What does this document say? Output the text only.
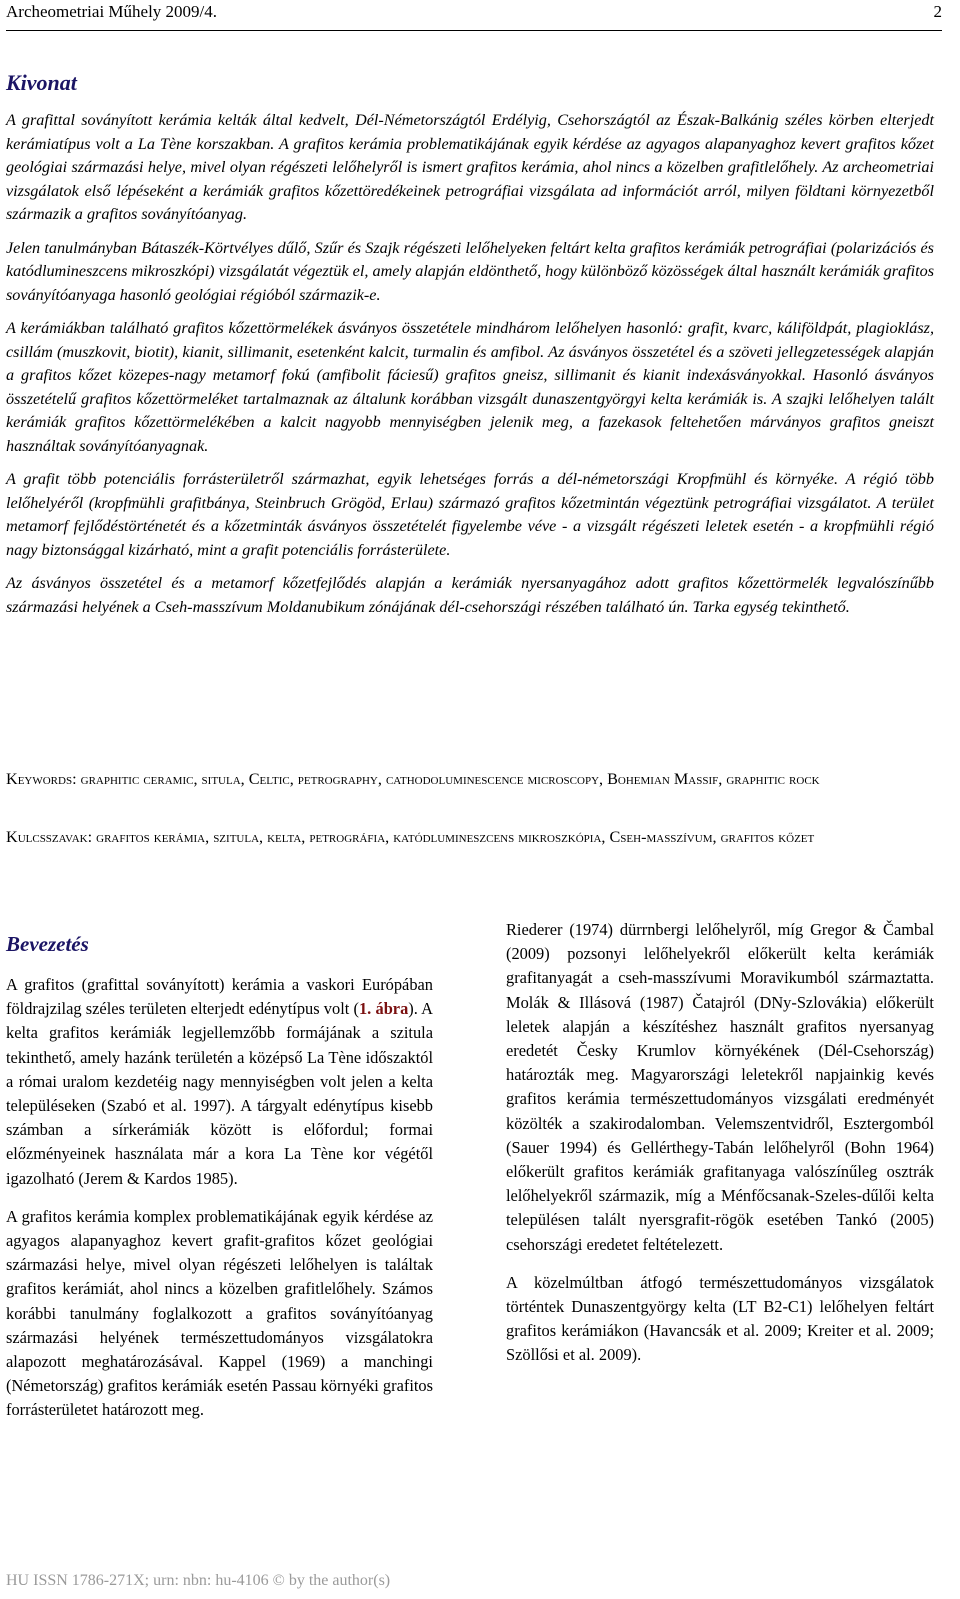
Archeometriai Műhely 2009/4.	2
Kivonat

A grafittal soványított kerámia kelták által kedvelt, Dél-Németországtól Erdélyig, Csehországtól az Észak-Balkánig széles körben elterjedt kerámiatípus volt a La Tène korszakban. A grafitos kerámia problematikájának egyik kérdése az agyagos alapanyaghoz kevert grafitos kőzet geológiai származási helye, mivel olyan régészeti lelőhelyről is ismert grafitos kerámia, ahol nincs a közelben grafitlelőhely. Az archeometriai vizsgálatok első lépéseként a kerámiák grafitos kőzettöredékeinek petrográfiai vizsgálata ad információt arról, milyen földtani környezetből származik a grafitos soványítóanyag.

Jelen tanulmányban Bátaszék-Körtvélyes dűlő, Szűr és Szajk régészeti lelőhelyeken feltárt kelta grafitos kerámiák petrográfiai (polarizációs és katódlumineszcens mikroszkópi) vizsgálatát végeztük el, amely alapján eldönthető, hogy különböző közösségek által használt kerámiák grafitos soványítóanyaga hasonló geológiai régióból származik-e.

A kerámiákban található grafitos kőzettörmelékek ásványos összetétele mindhárom lelőhelyen hasonló: grafit, kvarc, káliföldpát, plagioklász, csillám (muszkovit, biotit), kianit, sillimanit, esetenként kalcit, turmalin és amfibol. Az ásványos összetétel és a szöveti jellegzetességek alapján a grafitos kőzet közepes-nagy metamorf fokú (amfibolit fáciesű) grafitos gneisz, sillimanit és kianit indexásványokkal. Hasonló ásványos összetételű grafitos kőzettörmeléket tartalmaznak az általunk korábban vizsgált dunaszentgyörgyi kelta kerámiák is. A szajki lelőhelyen talált kerámiák grafitos kőzettörmelékében a kalcit nagyobb mennyiségben jelenik meg, a fazekasok feltehetően márványos grafitos gneiszt használtak soványítóanyagnak.

A grafit több potenciális forrásterületről származhat, egyik lehetséges forrás a dél-németországi Kropfmühl és környéke. A régió több lelőhelyéről (kropfmühli grafitbánya, Steinbruch Grögöd, Erlau) származó grafitos kőzetmintán végeztünk petrográfiai vizsgálatot. A terület metamorf fejlődéstörténetét és a kőzetminták ásványos összetételét figyelembe véve - a vizsgált régészeti leletek esetén - a kropfmühli régió nagy biztonsággal kizárható, mint a grafit potenciális forrásterülete.

Az ásványos összetétel és a metamorf kőzetfejlődés alapján a kerámiák nyersanyagához adott grafitos kőzettörmelék legvalószínűbb származási helyének a Cseh-masszívum Moldanubikum zónájának dél-csehországi részében található ún. Tarka egység tekinthető.

Keywords: graphitic ceramic, situla, Celtic, petrography, cathodoluminescence microscopy, Bohemian Massif, graphitic rock

Kulcsszavak: grafitos kerámia, szitula, kelta, petrográfia, katódlumineszcens mikroszkópia, Cseh-masszívum, grafitos kőzet

Bevezetés

A grafitos (grafittal soványított) kerámia a vaskori Európában földrajzilag széles területen elterjedt edénytípus volt (1. ábra). A kelta grafitos kerámiák legjellemzőbb formájának a szitula tekinthető, amely hazánk területén a középső La Tène időszaktól a római uralom kezdetéig nagy mennyiségben volt jelen a kelta településeken (Szabó et al. 1997). A tárgyalt edénytípus kisebb számban a sírkerámiák között is előfordul; formai előzményeinek használata már a kora La Tène kor végétől igazolható (Jerem & Kardos 1985).

A grafitos kerámia komplex problematikájának egyik kérdése az agyagos alapanyaghoz kevert grafit-grafitos kőzet geológiai származási helye, mivel olyan régészeti lelőhelyen is találtak grafitos kerámiát, ahol nincs a közelben grafitlelőhely. Számos korábbi tanulmány foglalkozott a grafitos soványítóanyag származási helyének természettudományos vizsgálatokra alapozott meghatározásával. Kappel (1969) a manchingi (Németország) grafitos kerámiák esetén Passau környéki grafitos forrásterületet határozott meg.

Riederer (1974) dürrnbergi lelőhelyről, míg Gregor & Čambal (2009) pozsonyi lelőhelyekről előkerült kelta kerámiák grafitanyagát a cseh-masszívumi Moravikumból származtatta. Molák & Illásová (1987) Čatajról (DNy-Szlovákia) előkerült leletek alapján a készítéshez használt grafitos nyersanyag eredetét Česky Krumlov környékének (Dél-Csehország) határozták meg. Magyarországi leletekről napjainkig kevés grafitos kerámia természettudományos vizsgálati eredményét közölték a szakirodalomban. Velemszentvidről, Esztergomból (Sauer 1994) és Gellérthegy-Tabán lelőhelyről (Bohn 1964) előkerült grafitos kerámiák grafitanyaga valószínűleg osztrák lelőhelyekről származik, míg a Ménfőcsanak-Szeles-dűlői kelta településen talált nyersgrafit-rögök esetében Tankó (2005) csehországi eredetet feltételezett.

A közelmúltban átfogó természettudományos vizsgálatok történtek Dunaszentgyörgy kelta (LT B2-C1) lelőhelyen feltárt grafitos kerámiákon (Havancsák et al. 2009; Kreiter et al. 2009; Szöllősi et al. 2009).

HU ISSN 1786-271X; urn: nbn: hu-4106 © by the author(s)
